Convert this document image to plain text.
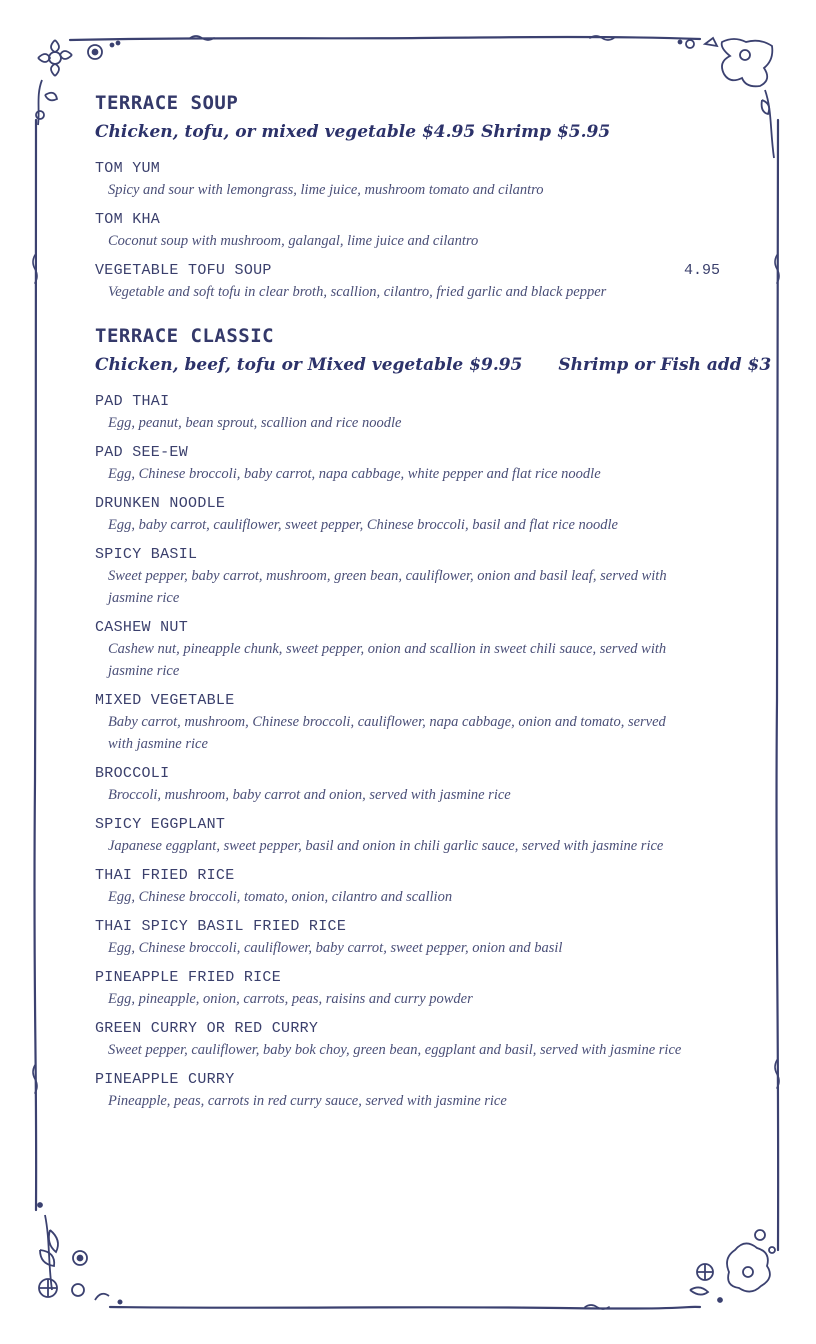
TERRACE SOUP
Chicken, tofu, or mixed vegetable $4.95 Shrimp $5.95
TOM YUM
Spicy and sour with lemongrass, lime juice, mushroom tomato and cilantro
TOM KHA
Coconut soup with mushroom, galangal, lime juice and cilantro
VEGETABLE TOFU SOUP	4.95
Vegetable and soft tofu in clear broth, scallion, cilantro, fried garlic and black pepper
TERRACE CLASSIC
Chicken, beef, tofu or Mixed vegetable $9.95 Shrimp or Fish add $3
PAD THAI
Egg, peanut, bean sprout, scallion and rice noodle
PAD SEE-EW
Egg, Chinese broccoli, baby carrot, napa cabbage, white pepper and flat rice noodle
DRUNKEN NOODLE
Egg, baby carrot, cauliflower, sweet pepper, Chinese broccoli, basil and flat rice noodle
SPICY BASIL
Sweet pepper, baby carrot, mushroom, green bean, cauliflower, onion and basil leaf, served with jasmine rice
CASHEW NUT
Cashew nut, pineapple chunk, sweet pepper, onion and scallion in sweet chili sauce, served with jasmine rice
MIXED VEGETABLE
Baby carrot, mushroom, Chinese broccoli, cauliflower, napa cabbage, onion and tomato, served with jasmine rice
BROCCOLI
Broccoli, mushroom, baby carrot and onion, served with jasmine rice
SPICY EGGPLANT
Japanese eggplant, sweet pepper, basil and onion in chili garlic sauce, served with jasmine rice
THAI FRIED RICE
Egg, Chinese broccoli, tomato, onion, cilantro and scallion
THAI SPICY BASIL FRIED RICE
Egg, Chinese broccoli, cauliflower, baby carrot, sweet pepper, onion and basil
PINEAPPLE FRIED RICE
Egg, pineapple, onion, carrots, peas, raisins and curry powder
GREEN CURRY OR RED CURRY
Sweet pepper, cauliflower, baby bok choy, green bean, eggplant and basil, served with jasmine rice
PINEAPPLE CURRY
Pineapple, peas, carrots in red curry sauce, served with jasmine rice
